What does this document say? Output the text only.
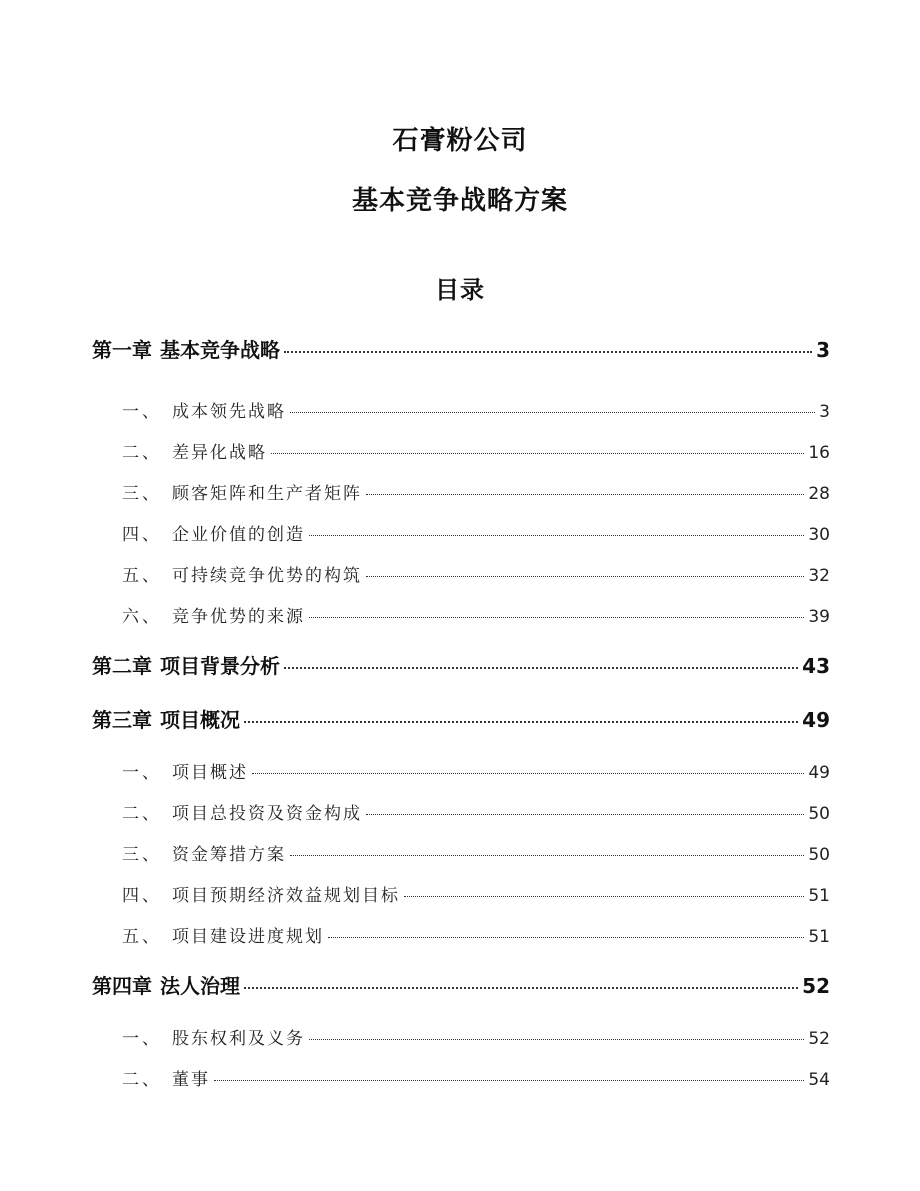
石膏粉公司
基本竞争战略方案
目录
第一章 基本竞争战略	3
一、 成本领先战略	3
二、 差异化战略	16
三、 顾客矩阵和生产者矩阵	28
四、 企业价值的创造	30
五、 可持续竞争优势的构筑	32
六、 竞争优势的来源	39
第二章 项目背景分析	43
第三章 项目概况	49
一、 项目概述	49
二、 项目总投资及资金构成	50
三、 资金筹措方案	50
四、 项目预期经济效益规划目标	51
五、 项目建设进度规划	51
第四章 法人治理	52
一、 股东权利及义务	52
二、 董事	54
